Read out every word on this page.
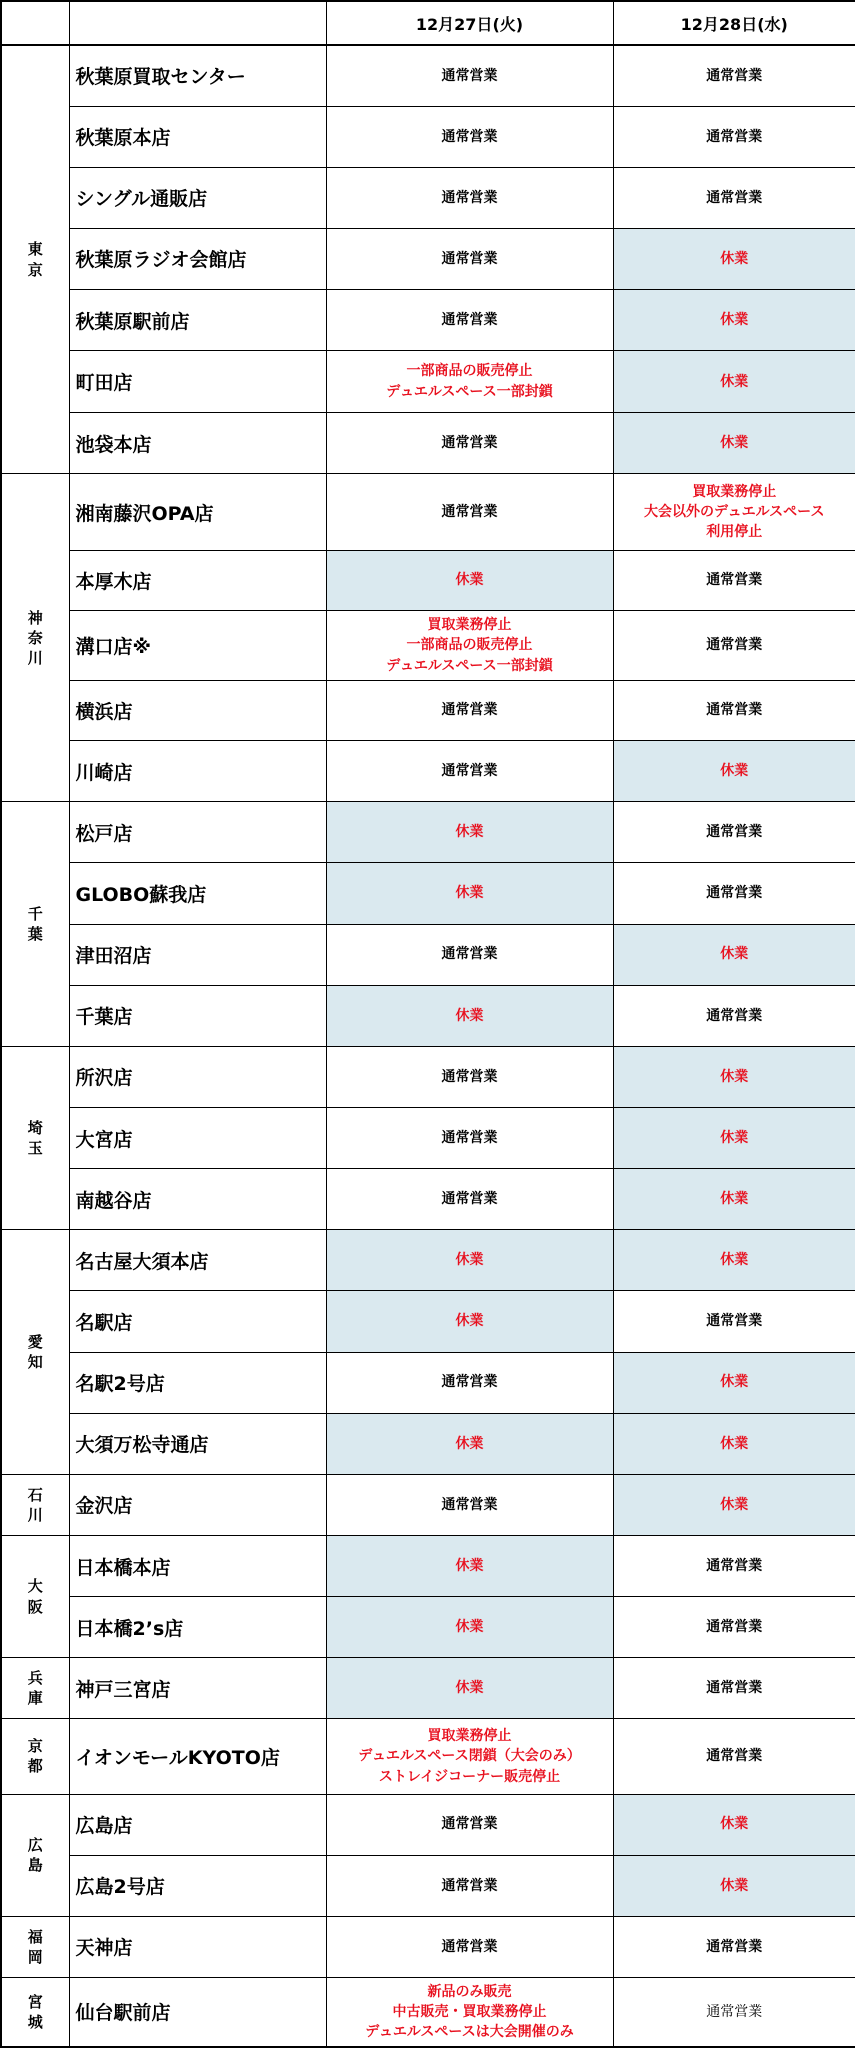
		12月27日(火)	12月28日(水)
東京	秋葉原買取センター	通常営業	通常営業
	秋葉原本店	通常営業	通常営業
	シングル通販店	通常営業	通常営業
	秋葉原ラジオ会館店	通常営業	休業
	秋葉原駅前店	通常営業	休業
	町田店	一部商品の販売停止
デュエルスペース一部封鎖	休業
	池袋本店	通常営業	休業
神奈川	湘南藤沢OPA店	通常営業	買取業務停止
大会以外のデュエルスペース
利用停止
	本厚木店	休業	通常営業
	溝口店※	買取業務停止
一部商品の販売停止
デュエルスペース一部封鎖	通常営業
	横浜店	通常営業	通常営業
	川崎店	通常営業	休業
千葉	松戸店	休業	通常営業
	GLOBO蘇我店	休業	通常営業
	津田沼店	通常営業	休業
	千葉店	休業	通常営業
埼玉	所沢店	通常営業	休業
	大宮店	通常営業	休業
	南越谷店	通常営業	休業
愛知	名古屋大須本店	休業	休業
	名駅店	休業	通常営業
	名駅2号店	通常営業	休業
	大須万松寺通店	休業	休業
石川	金沢店	通常営業	休業
大阪	日本橋本店	休業	通常営業
	日本橋2’s店	休業	通常営業
兵庫	神戸三宮店	休業	通常営業
京都	イオンモールKYOTO店	買取業務停止
デュエルスペース閉鎖（大会のみ）
ストレイジコーナー販売停止	通常営業
広島	広島店	通常営業	休業
	広島2号店	通常営業	休業
福岡	天神店	通常営業	通常営業
宮城	仙台駅前店	新品のみ販売
中古販売・買取業務停止
デュエルスペースは大会開催のみ	通常営業
